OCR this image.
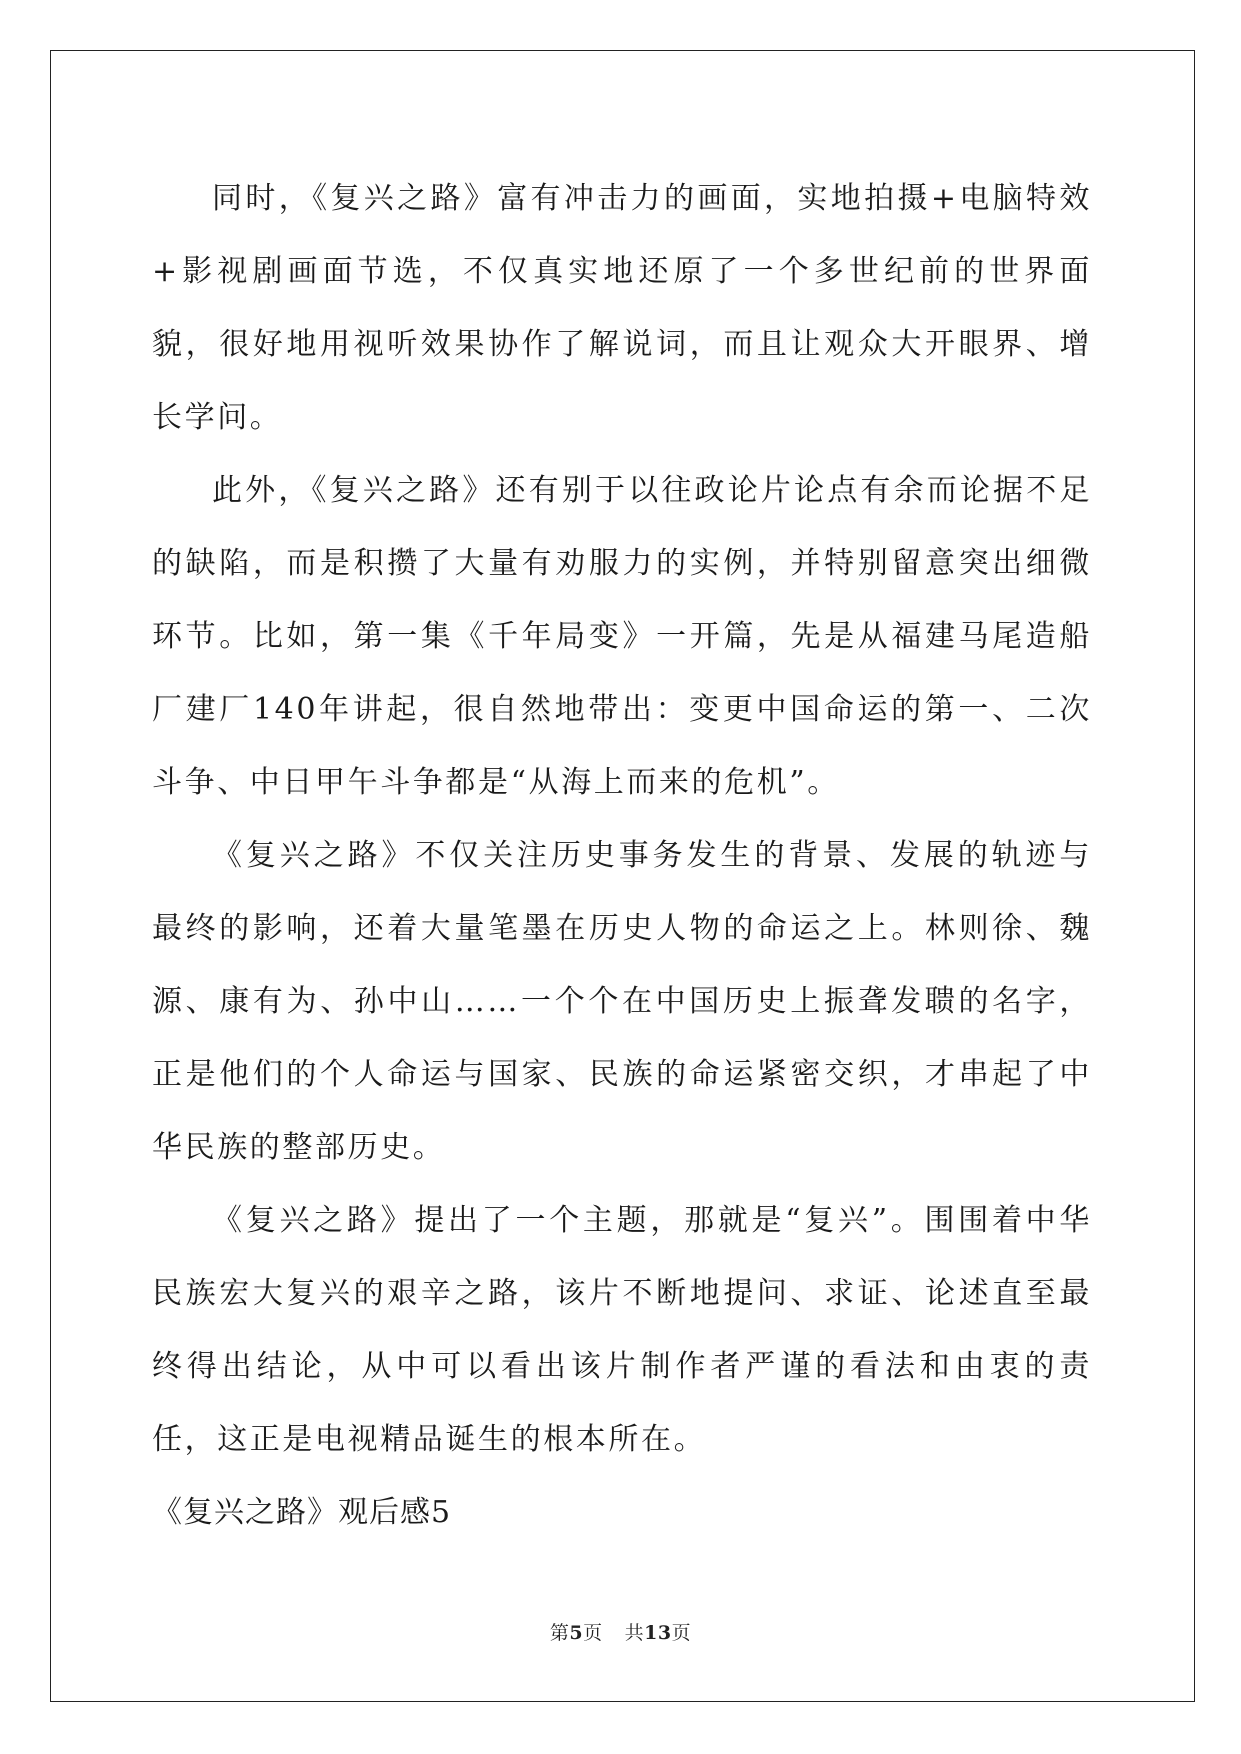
同时，《复兴之路》富有冲击力的画面，实地拍摄+电脑特效+影视剧画面节选，不仅真实地还原了一个多世纪前的世界面貌，很好地用视听效果协作了解说词，而且让观众大开眼界、增长学问。

此外，《复兴之路》还有别于以往政论片论点有余而论据不足的缺陷，而是积攒了大量有劝服力的实例，并特别留意突出细微环节。比如，第一集《千年局变》一开篇，先是从福建马尾造船厂建厂140年讲起，很自然地带出：变更中国命运的第一、二次斗争、中日甲午斗争都是“从海上而来的危机”。

《复兴之路》不仅关注历史事务发生的背景、发展的轨迹与最终的影响，还着大量笔墨在历史人物的命运之上。林则徐、魏源、康有为、孙中山……一个个在中国历史上振聋发聩的名字，正是他们的个人命运与国家、民族的命运紧密交织，才串起了中华民族的整部历史。

《复兴之路》提出了一个主题，那就是“复兴”。围围着中华民族宏大复兴的艰辛之路，该片不断地提问、求证、论述直至最终得出结论，从中可以看出该片制作者严谨的看法和由衷的责任，这正是电视精品诞生的根本所在。

《复兴之路》观后感5

第5页 共13页
